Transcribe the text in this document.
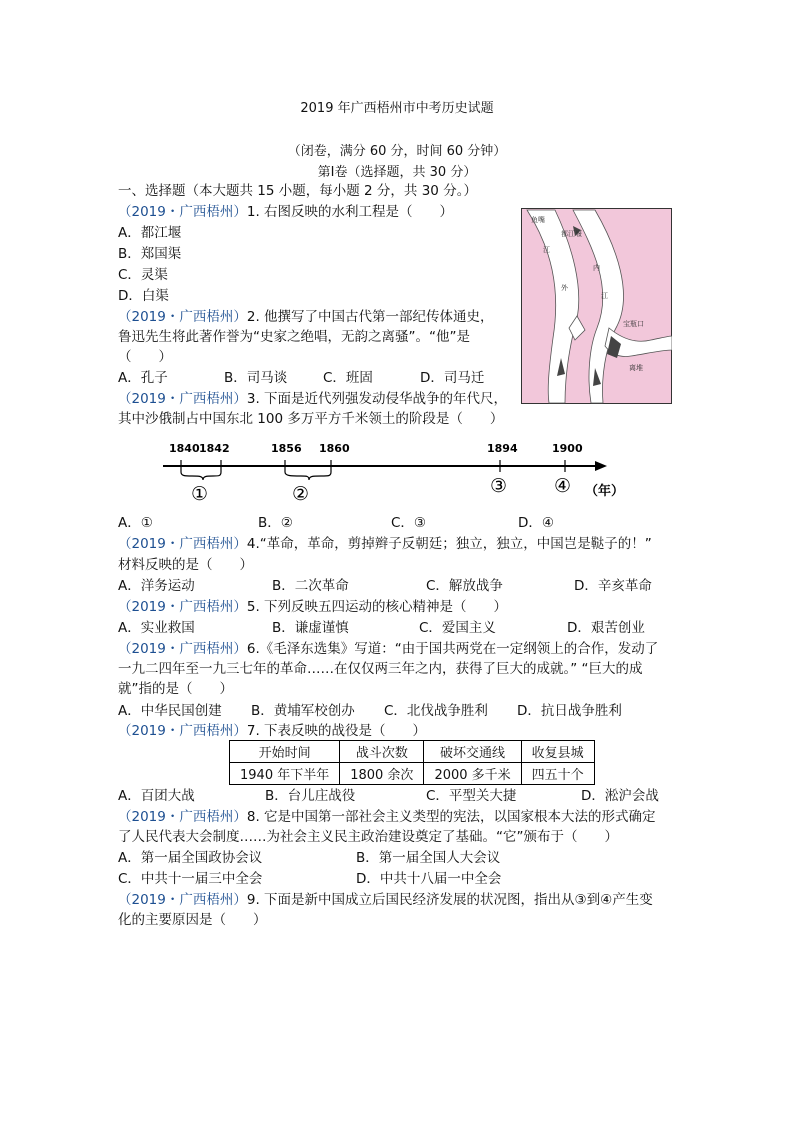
2019 年广西梧州市中考历史试题
（闭卷，满分 60 分，时间 60 分钟）
第Ⅰ卷（选择题，共 30 分）
一、选择题（本大题共 15 小题，每小题 2 分，共 30 分。）
（2019・广西梧州）1. 右图反映的水利工程是（　　）
A．都江堰
B．郑国渠
C．灵渠
D．白渠
鱼嘴
都江堰
宝瓶口
离堆
江
内
外
江
（2019・广西梧州）2. 他撰写了中国古代第一部纪传体通史，
鲁迅先生将此著作誉为“史家之绝唱，无韵之离骚”。“他”是
（　　）
A．孔子	B．司马谈	C．班固	D．司马迁
（2019・广西梧州）3. 下面是近代列强发动侵华战争的年代尺，
其中沙俄制占中国东北 100 多万平方千米领土的阶段是（　　）
1840 1842	1856 1860	1894	1900
①	②	③ ④ （年）
A．①	B．②	C．③	D．④
（2019・广西梧州）4.“革命，革命，剪掉辫子反朝廷；独立，独立，中国岂是鞑子的！”
材料反映的是（　　）
A．洋务运动	B．二次革命	C．解放战争	D．辛亥革命
（2019・广西梧州）5. 下列反映五四运动的核心精神是（　　）
A．实业救国	B．谦虚谨慎	C．爱国主义	D．艰苦创业
（2019・广西梧州）6.《毛泽东选集》写道：“由于国共两党在一定纲领上的合作，发动了
一九二四年至一九三七年的革命……在仅仅两三年之内，获得了巨大的成就。” “巨大的成
就”指的是（　　）
A．中华民国创建 B．黄埔军校创办 C．北伐战争胜利 D．抗日战争胜利
（2019・广西梧州）7. 下表反映的战役是（　　）
开始时间	战斗次数	破坏交通线	收复县城
1940 年下半年	1800 余次	2000 多千米	四五十个
A．百团大战	B．台儿庄战役	C．平型关大捷	D．淞沪会战
（2019・广西梧州）8. 它是中国第一部社会主义类型的宪法，以国家根本大法的形式确定
了人民代表大会制度……为社会主义民主政治建设奠定了基础。“它”颁布于（　　）
A．第一届全国政协会议	B．第一届全国人大会议
C．中共十一届三中全会	D．中共十八届一中全会
（2019・广西梧州）9. 下面是新中国成立后国民经济发展的状况图，指出从③到④产生变
化的主要原因是（　　）
